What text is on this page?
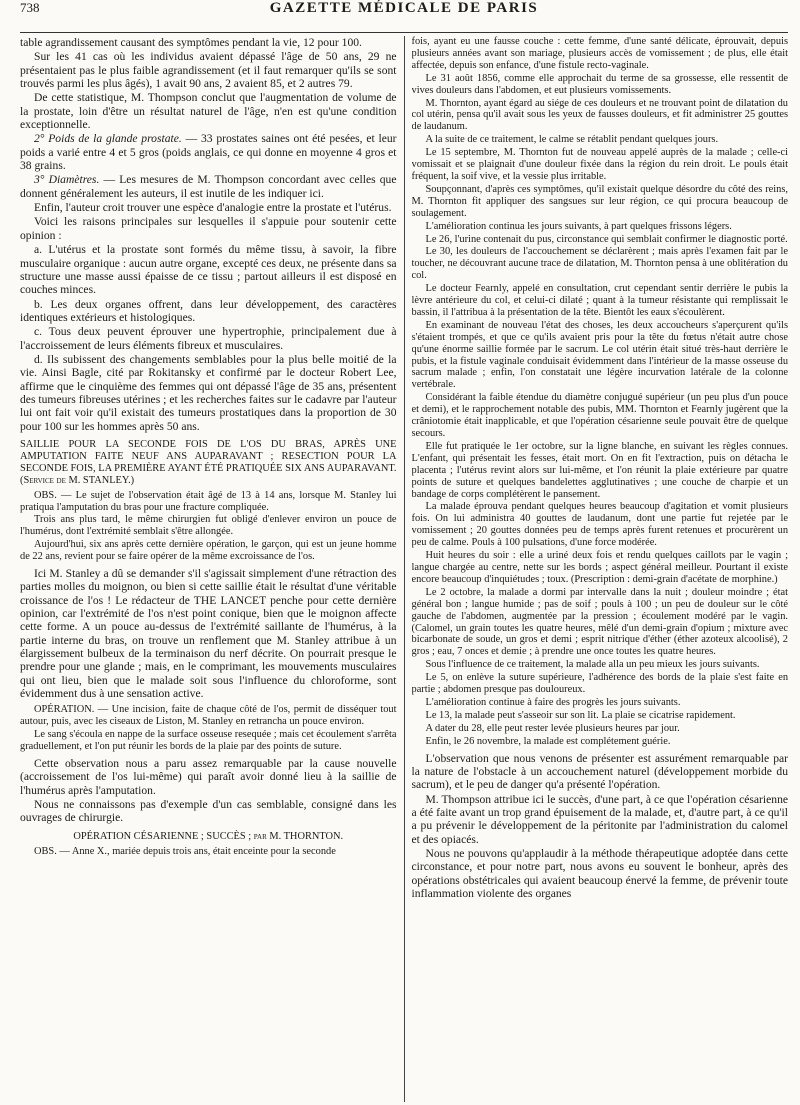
738	GAZETTE MÉDICALE DE PARIS

table agrandissement causant des symptômes pendant la vie, 12 pour 100.

Sur les 41 cas où les individus avaient dépassé l'âge de 50 ans, 29 ne présentaient pas le plus faible agrandissement (et il faut remarquer qu'ils se sont trouvés parmi les plus âgés), 1 avait 90 ans, 2 avaient 85, et 2 autres 79.

De cette statistique, M. Thompson conclut que l'augmentation de volume de la prostate, loin d'être un résultat naturel de l'âge, n'en est qu'une condition exceptionnelle.

2° Poids de la glande prostate. — 33 prostates saines ont été pesées, et leur poids a varié entre 4 et 5 gros (poids anglais, ce qui donne en moyenne 4 gros et 38 grains.

3° Diamètres. — Les mesures de M. Thompson concordant avec celles que donnent généralement les auteurs, il est inutile de les indiquer ici.

Enfin, l'auteur croit trouver une espèce d'analogie entre la prostate et l'utérus.

Voici les raisons principales sur lesquelles il s'appuie pour soutenir cette opinion :

a. L'utérus et la prostate sont formés du même tissu, à savoir, la fibre musculaire organique : aucun autre organe, excepté ces deux, ne présente dans sa structure une masse aussi épaisse de ce tissu ; partout ailleurs il est disposé en couches minces.

b. Les deux organes offrent, dans leur développement, des caractères identiques extérieurs et histologiques.

c. Tous deux peuvent éprouver une hypertrophie, principalement due à l'accroissement de leurs éléments fibreux et musculaires.

d. Ils subissent des changements semblables pour la plus belle moitié de la vie. Ainsi Bagle, cité par Rokitansky et confirmé par le docteur Robert Lee, affirme que le cinquième des femmes qui ont dépassé l'âge de 35 ans, présentent des tumeurs fibreuses utérines ; et les recherches faites sur le cadavre par l'auteur lui ont fait voir qu'il existait des tumeurs prostatiques dans la proportion de 30 pour 100 sur les hommes après 50 ans.

SAILLIE POUR LA SECONDE FOIS DE L'OS DU BRAS, APRÈS UNE AMPUTATION FAITE NEUF ANS AUPARAVANT ; RESECTION POUR LA SECONDE FOIS, LA PREMIÈRE AYANT ÉTÉ PRATIQUÉE SIX ANS AUPARAVANT. (Service de M. STANLEY.)

OBS. — Le sujet de l'observation était âgé de 13 à 14 ans, lorsque M. Stanley lui pratiqua l'amputation du bras pour une fracture compliquée.

Trois ans plus tard, le même chirurgien fut obligé d'enlever environ un pouce de l'humérus, dont l'extrémité semblait s'être allongée.

Aujourd'hui, six ans après cette dernière opération, le garçon, qui est un jeune homme de 22 ans, revient pour se faire opérer de la même excroissance de l'os.

Ici M. Stanley a dû se demander s'il s'agissait simplement d'une rétraction des parties molles du moignon, ou bien si cette saillie était le résultat d'une véritable croissance de l'os ! Le rédacteur de THE LANCET penche pour cette dernière opinion, car l'extrémité de l'os n'est point conique, bien que le moignon affecte cette forme. A un pouce au-dessus de l'extrémité saillante de l'humérus, à la partie interne du bras, on trouve un renflement que M. Stanley attribue à un élargissement bulbeux de la terminaison du nerf décrite. On pourrait presque le prendre pour une glande ; mais, en le comprimant, les mouvements musculaires qui ont lieu, bien que le malade soit sous l'influence du chloroforme, sont évidemment dus à une sensation active.

OPÉRATION. — Une incision, faite de chaque côté de l'os, permit de disséquer tout autour, puis, avec les ciseaux de Liston, M. Stanley en retrancha un pouce environ.

Le sang s'écoula en nappe de la surface osseuse resequée ; mais cet écoulement s'arrêta graduellement, et l'on put réunir les bords de la plaie par des points de suture.

Cette observation nous a paru assez remarquable par la cause nouvelle (accroissement de l'os lui-même) qui paraît avoir donné lieu à la saillie de l'humérus après l'amputation.

Nous ne connaissons pas d'exemple d'un cas semblable, consigné dans les ouvrages de chirurgie.

OPÉRATION CÉSARIENNE ; SUCCÈS ; par M. THORNTON.

OBS. — Anne X., mariée depuis trois ans, était enceinte pour la seconde

fois, ayant eu une fausse couche : cette femme, d'une santé délicate, éprouvait, depuis plusieurs années avant son mariage, plusieurs accès de vomissement ; de plus, elle était affectée, depuis son enfance, d'une fistule recto-vaginale.

Le 31 août 1856, comme elle approchait du terme de sa grossesse, elle ressentit de vives douleurs dans l'abdomen, et eut plusieurs vomissements.

M. Thornton, ayant égard au siége de ces douleurs et ne trouvant point de dilatation du col utérin, pensa qu'il avait sous les yeux de fausses douleurs, et fit administrer 25 gouttes de laudanum.

A la suite de ce traitement, le calme se rétablit pendant quelques jours.

Le 15 septembre, M. Thornton fut de nouveau appelé auprès de la malade ; celle-ci vomissait et se plaignait d'une douleur fixée dans la région du rein droit. Le pouls était fréquent, la soif vive, et la vessie plus irritable.

Soupçonnant, d'après ces symptômes, qu'il existait quelque désordre du côté des reins, M. Thornton fit appliquer des sangsues sur leur région, ce qui procura beaucoup de soulagement.

L'amélioration continua les jours suivants, à part quelques frissons légers.

Le 26, l'urine contenait du pus, circonstance qui semblait confirmer le diagnostic porté.

Le 30, les douleurs de l'accouchement se déclarèrent ; mais après l'examen fait par le toucher, ne découvrant aucune trace de dilatation, M. Thornton pensa à une oblitération du col.

Le docteur Fearnly, appelé en consultation, crut cependant sentir derrière le pubis la lèvre antérieure du col, et celui-ci dilaté ; quant à la tumeur résistante qui remplissait le bassin, il l'attribua à la présentation de la tête. Bientôt les eaux s'écoulèrent.

En examinant de nouveau l'état des choses, les deux accoucheurs s'aperçurent qu'ils s'étaient trompés, et que ce qu'ils avaient pris pour la tête du fœtus n'était autre chose qu'une énorme saillie formée par le sacrum. Le col utérin était situé très-haut derrière le pubis, et la fistule vaginale conduisait évidemment dans l'intérieur de la masse osseuse du sacrum malade ; enfin, l'on constatait une légère incurvation latérale de la colonne vertébrale.

Considérant la faible étendue du diamètre conjugué supérieur (un peu plus d'un pouce et demi), et le rapprochement notable des pubis, MM. Thornton et Fearnly jugèrent que la crâniotomie était inapplicable, et que l'opération césarienne seule pouvait être de quelque secours.

Elle fut pratiquée le 1er octobre, sur la ligne blanche, en suivant les règles connues. L'enfant, qui présentait les fesses, était mort. On en fit l'extraction, puis on détacha le placenta ; l'utérus revint alors sur lui-même, et l'on réunit la plaie extérieure par quatre points de suture et quelques bandelettes agglutinatives ; une couche de charpie et un bandage de corps complétèrent le pansement.

La malade éprouva pendant quelques heures beaucoup d'agitation et vomit plusieurs fois. On lui administra 40 gouttes de laudanum, dont une partie fut rejetée par le vomissement ; 20 gouttes données peu de temps après furent retenues et procurèrent un peu de calme. Pouls à 100 pulsations, d'une force modérée.

Huit heures du soir : elle a uriné deux fois et rendu quelques caillots par le vagin ; langue chargée au centre, nette sur les bords ; aspect général meilleur. Pourtant il existe encore beaucoup d'inquiétudes ; toux. (Prescription : demi-grain d'acétate de morphine.)

Le 2 octobre, la malade a dormi par intervalle dans la nuit ; douleur moindre ; état général bon ; langue humide ; pas de soif ; pouls à 100 ; un peu de douleur sur le côté gauche de l'abdomen, augmentée par la pression ; écoulement modéré par le vagin. (Calomel, un grain toutes les quatre heures, mêlé d'un demi-grain d'opium ; mixture avec bicarbonate de soude, un gros et demi ; esprit nitrique d'éther (éther azoteux alcoolisé), 2 gros ; eau, 7 onces et demie ; à prendre une once toutes les quatre heures.

Sous l'influence de ce traitement, la malade alla un peu mieux les jours suivants.

Le 5, on enlève la suture supérieure, l'adhérence des bords de la plaie s'est faite en partie ; abdomen presque pas douloureux.

L'amélioration continue à faire des progrès les jours suivants.

Le 13, la malade peut s'asseoir sur son lit. La plaie se cicatrise rapidement.

A dater du 28, elle peut rester levée plusieurs heures par jour.

Enfin, le 26 novembre, la malade est complétement guérie.

L'observation que nous venons de présenter est assurément remarquable par la nature de l'obstacle à un accouchement naturel (développement morbide du sacrum), et le peu de danger qu'a présenté l'opération.

M. Thompson attribue ici le succès, d'une part, à ce que l'opération césarienne a été faite avant un trop grand épuisement de la malade, et, d'autre part, à ce qu'il a pu prévenir le développement de la péritonite par l'administration du calomel et des opiacés.

Nous ne pouvons qu'applaudir à la méthode thérapeutique adoptée dans cette circonstance, et pour notre part, nous avons eu souvent le bonheur, après des opérations obstétricales qui avaient beaucoup énervé la femme, de prévenir toute inflammation violente des organes
